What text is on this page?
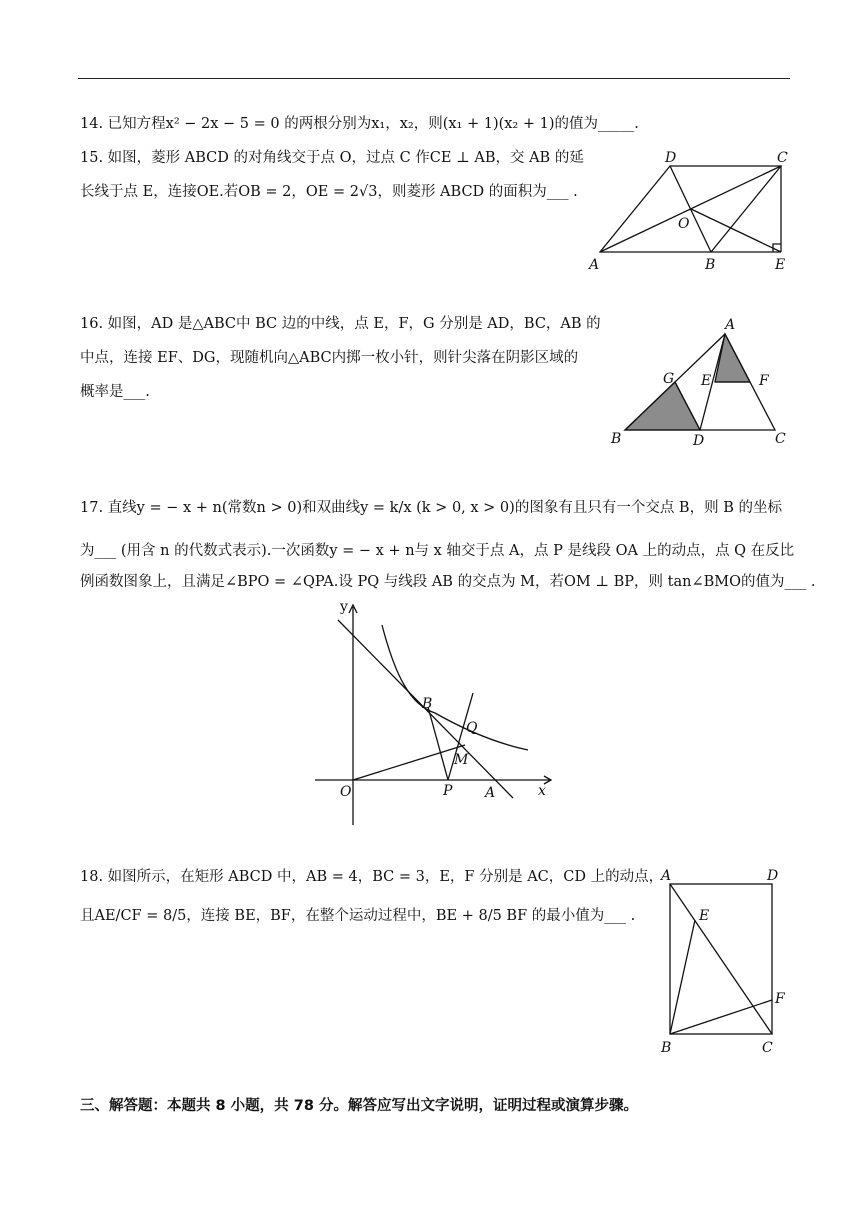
14. 已知方程x² − 2x − 5 = 0 的两根分别为x₁，x₂，则(x₁ + 1)(x₂ + 1)的值为_____.
15. 如图，菱形 ABCD 的对角线交于点 O，过点 C 作CE ⊥ AB，交 AB 的延
长线于点 E，连接OE.若OB = 2，OE = 2√3，则菱形 ABCD 的面积为___ .
A	B	E
C
D
O
16. 如图，AD 是△ABC中 BC 边的中线，点 E，F，G 分别是 AD，BC，AB 的
中点，连接 EF、DG，现随机向△ABC内掷一枚小针，则针尖落在阴影区域的
概率是___.
A
B	C
D
G E	F
17. 直线y = − x + n(常数n > 0)和双曲线y = k/x (k > 0, x > 0)的图象有且只有一个交点 B，则 B 的坐标
为___ (用含 n 的代数式表示).一次函数y = − x + n与 x 轴交于点 A，点 P 是线段 OA 上的动点，点 Q 在反比
例函数图象上，且满足∠BPO = ∠QPA.设 PQ 与线段 AB 的交点为 M，若OM ⊥ BP，则 tan∠BMO的值为___ .
y
x
O	P A
B
Q
M
18. 如图所示，在矩形 ABCD 中，AB = 4，BC = 3，E，F 分别是 AC，CD 上的动点，
且AE/CF = 8/5，连接 BE，BF，在整个运动过程中，BE + 8/5 BF 的最小值为___ .
A	D
B	C
E
F
三、解答题：本题共 8 小题，共 78 分。解答应写出文字说明，证明过程或演算步骤。
